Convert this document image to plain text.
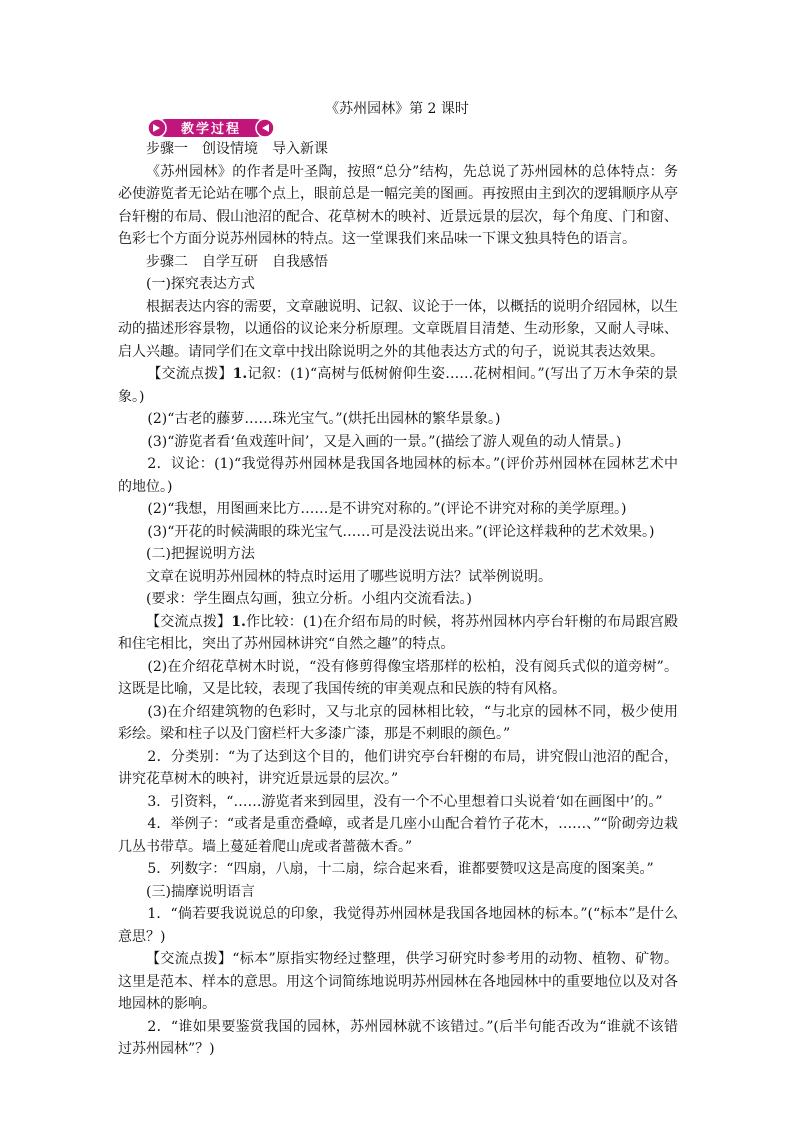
《苏州园林》第 2 课时
教学过程

步骤一　创设情境　导入新课

《苏州园林》的作者是叶圣陶，按照“总分”结构，先总说了苏州园林的总体特点：务必使游览者无论站在哪个点上，眼前总是一幅完美的图画。再按照由主到次的逻辑顺序从亭台轩榭的布局、假山池沼的配合、花草树木的映衬、近景远景的层次，每个角度、门和窗、色彩七个方面分说苏州园林的特点。这一堂课我们来品味一下课文独具特色的语言。

步骤二　自学互研　自我感悟

(一)探究表达方式

根据表达内容的需要，文章融说明、记叙、议论于一体，以概括的说明介绍园林，以生动的描述形容景物，以通俗的议论来分析原理。文章既眉目清楚、生动形象，又耐人寻味、启人兴趣。请同学们在文章中找出除说明之外的其他表达方式的句子，说说其表达效果。

【交流点拨】1.记叙：(1)“高树与低树俯仰生姿……花树相间。”(写出了万木争荣的景象。)

(2)“古老的藤萝……珠光宝气。”(烘托出园林的繁华景象。)

(3)“游览者看‘鱼戏莲叶间’，又是入画的一景。”(描绘了游人观鱼的动人情景。)

2．议论：(1)“我觉得苏州园林是我国各地园林的标本。”(评价苏州园林在园林艺术中的地位。)

(2)“我想，用图画来比方……是不讲究对称的。”(评论不讲究对称的美学原理。)

(3)“开花的时候满眼的珠光宝气……可是没法说出来。”(评论这样栽种的艺术效果。)

(二)把握说明方法

文章在说明苏州园林的特点时运用了哪些说明方法？试举例说明。

(要求：学生圈点勾画，独立分析。小组内交流看法。)

【交流点拨】1.作比较：(1)在介绍布局的时候，将苏州园林内亭台轩榭的布局跟宫殿和住宅相比，突出了苏州园林讲究“自然之趣”的特点。

(2)在介绍花草树木时说，“没有修剪得像宝塔那样的松柏，没有阅兵式似的道旁树”。这既是比喻，又是比较，表现了我国传统的审美观点和民族的特有风格。

(3)在介绍建筑物的色彩时，又与北京的园林相比较，“与北京的园林不同，极少使用彩绘。梁和柱子以及门窗栏杆大多漆广漆，那是不刺眼的颜色。”

2．分类别：“为了达到这个目的，他们讲究亭台轩榭的布局，讲究假山池沼的配合，讲究花草树木的映衬，讲究近景远景的层次。”

3．引资料，“……游览者来到园里，没有一个不心里想着口头说着‘如在画图中’的。”

4．举例子：“或者是重峦叠嶂，或者是几座小山配合着竹子花木，……、”“阶砌旁边栽几丛书带草。墙上蔓延着爬山虎或者蔷薇木香。”

5．列数字：“四扇，八扇，十二扇，综合起来看，谁都要赞叹这是高度的图案美。”

(三)揣摩说明语言

1．“倘若要我说说总的印象，我觉得苏州园林是我国各地园林的标本。”(“标本”是什么意思？)

【交流点拨】“标本”原指实物经过整理，供学习研究时参考用的动物、植物、矿物。这里是范本、样本的意思。用这个词简练地说明苏州园林在各地园林中的重要地位以及对各地园林的影响。

2．“谁如果要鉴赏我国的园林，苏州园林就不该错过。”(后半句能否改为“谁就不该错过苏州园林”？)
